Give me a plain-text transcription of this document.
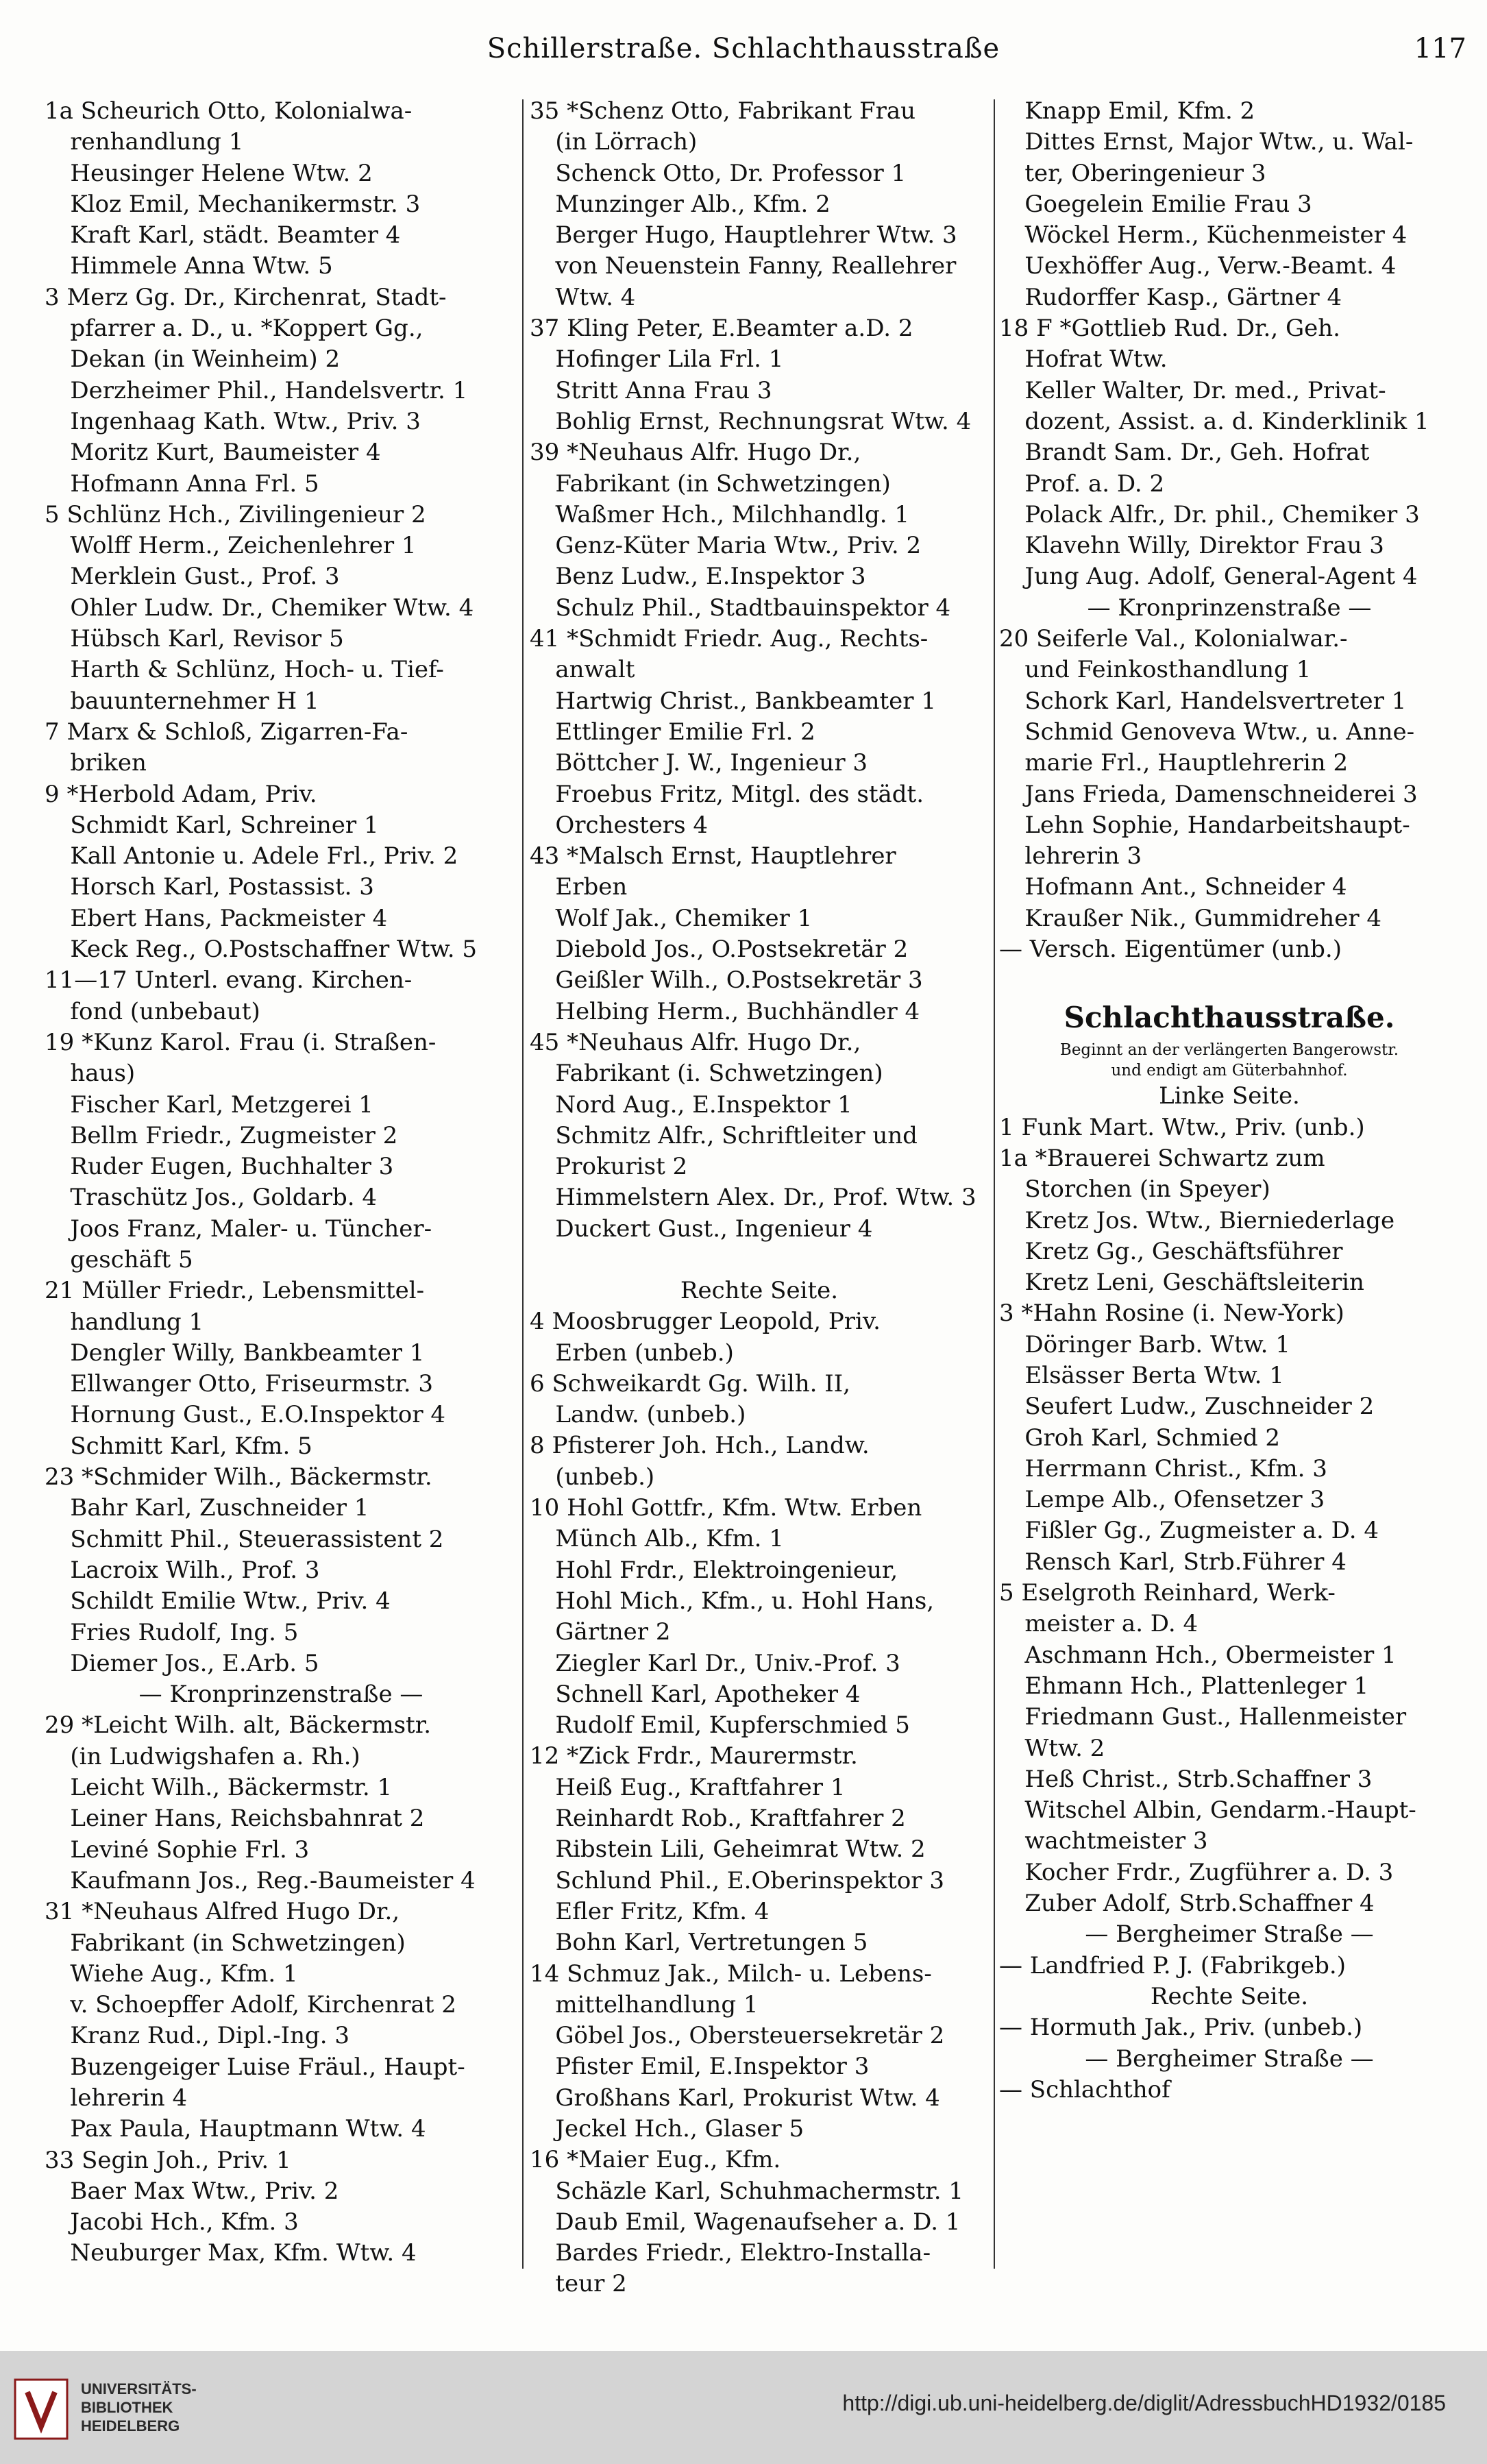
Schillerstraße. Schlachthausstraße	117
1a Scheurich Otto, Kolonialwa-
renhandlung 1
Heusinger Helene Wtw. 2
Kloz Emil, Mechanikermstr. 3
Kraft Karl, städt. Beamter 4
Himmele Anna Wtw. 5
3 Merz Gg. Dr., Kirchenrat, Stadt-
pfarrer a. D., u. *Koppert Gg.,
Dekan (in Weinheim) 2
Derzheimer Phil., Handelsvertr. 1
Ingenhaag Kath. Wtw., Priv. 3
Moritz Kurt, Baumeister 4
Hofmann Anna Frl. 5
5 Schlünz Hch., Zivilingenieur 2
Wolff Herm., Zeichenlehrer 1
Merklein Gust., Prof. 3
Ohler Ludw. Dr., Chemiker Wtw. 4
Hübsch Karl, Revisor 5
Harth & Schlünz, Hoch- u. Tief-
bauunternehmer H 1
7 Marx & Schloß, Zigarren-Fa-
briken
9 *Herbold Adam, Priv.
Schmidt Karl, Schreiner 1
Kall Antonie u. Adele Frl., Priv. 2
Horsch Karl, Postassist. 3
Ebert Hans, Packmeister 4
Keck Reg., O.Postschaffner Wtw. 5
11—17 Unterl. evang. Kirchen-
fond (unbebaut)
19 *Kunz Karol. Frau (i. Straßen-
haus)
Fischer Karl, Metzgerei 1
Bellm Friedr., Zugmeister 2
Ruder Eugen, Buchhalter 3
Traschütz Jos., Goldarb. 4
Joos Franz, Maler- u. Tüncher-
geschäft 5
21 Müller Friedr., Lebensmittel-
handlung 1
Dengler Willy, Bankbeamter 1
Ellwanger Otto, Friseurmstr. 3
Hornung Gust., E.O.Inspektor 4
Schmitt Karl, Kfm. 5
23 *Schmider Wilh., Bäckermstr.
Bahr Karl, Zuschneider 1
Schmitt Phil., Steuerassistent 2
Lacroix Wilh., Prof. 3
Schildt Emilie Wtw., Priv. 4
Fries Rudolf, Ing. 5
Diemer Jos., E.Arb. 5
— Kronprinzenstraße —
29 *Leicht Wilh. alt, Bäckermstr.
(in Ludwigshafen a. Rh.)
Leicht Wilh., Bäckermstr. 1
Leiner Hans, Reichsbahnrat 2
Leviné Sophie Frl. 3
Kaufmann Jos., Reg.-Baumeister 4
31 *Neuhaus Alfred Hugo Dr.,
Fabrikant (in Schwetzingen)
Wiehe Aug., Kfm. 1
v. Schoepffer Adolf, Kirchenrat 2
Kranz Rud., Dipl.-Ing. 3
Buzengeiger Luise Fräul., Haupt-
lehrerin 4
Pax Paula, Hauptmann Wtw. 4
33 Segin Joh., Priv. 1
Baer Max Wtw., Priv. 2
Jacobi Hch., Kfm. 3
Neuburger Max, Kfm. Wtw. 4
35 *Schenz Otto, Fabrikant Frau
(in Lörrach)
Schenck Otto, Dr. Professor 1
Munzinger Alb., Kfm. 2
Berger Hugo, Hauptlehrer Wtw. 3
von Neuenstein Fanny, Reallehrer
Wtw. 4
37 Kling Peter, E.Beamter a.D. 2
Hofinger Lila Frl. 1
Stritt Anna Frau 3
Bohlig Ernst, Rechnungsrat Wtw. 4
39 *Neuhaus Alfr. Hugo Dr.,
Fabrikant (in Schwetzingen)
Waßmer Hch., Milchhandlg. 1
Genz-Küter Maria Wtw., Priv. 2
Benz Ludw., E.Inspektor 3
Schulz Phil., Stadtbauinspektor 4
41 *Schmidt Friedr. Aug., Rechts-
anwalt
Hartwig Christ., Bankbeamter 1
Ettlinger Emilie Frl. 2
Böttcher J. W., Ingenieur 3
Froebus Fritz, Mitgl. des städt.
Orchesters 4
43 *Malsch Ernst, Hauptlehrer
Erben
Wolf Jak., Chemiker 1
Diebold Jos., O.Postsekretär 2
Geißler Wilh., O.Postsekretär 3
Helbing Herm., Buchhändler 4
45 *Neuhaus Alfr. Hugo Dr.,
Fabrikant (i. Schwetzingen)
Nord Aug., E.Inspektor 1
Schmitz Alfr., Schriftleiter und
Prokurist 2
Himmelstern Alex. Dr., Prof. Wtw. 3
Duckert Gust., Ingenieur 4
Rechte Seite.
4 Moosbrugger Leopold, Priv.
Erben (unbeb.)
6 Schweikardt Gg. Wilh. II,
Landw. (unbeb.)
8 Pfisterer Joh. Hch., Landw.
(unbeb.)
10 Hohl Gottfr., Kfm. Wtw. Erben
Münch Alb., Kfm. 1
Hohl Frdr., Elektroingenieur,
Hohl Mich., Kfm., u. Hohl Hans,
Gärtner 2
Ziegler Karl Dr., Univ.-Prof. 3
Schnell Karl, Apotheker 4
Rudolf Emil, Kupferschmied 5
12 *Zick Frdr., Maurermstr.
Heiß Eug., Kraftfahrer 1
Reinhardt Rob., Kraftfahrer 2
Ribstein Lili, Geheimrat Wtw. 2
Schlund Phil., E.Oberinspektor 3
Efler Fritz, Kfm. 4
Bohn Karl, Vertretungen 5
14 Schmuz Jak., Milch- u. Lebens-
mittelhandlung 1
Göbel Jos., Obersteuersekretär 2
Pfister Emil, E.Inspektor 3
Großhans Karl, Prokurist Wtw. 4
Jeckel Hch., Glaser 5
16 *Maier Eug., Kfm.
Schäzle Karl, Schuhmachermstr. 1
Daub Emil, Wagenaufseher a. D. 1
Bardes Friedr., Elektro-Installa-
teur 2
Knapp Emil, Kfm. 2
Dittes Ernst, Major Wtw., u. Wal-
ter, Oberingenieur 3
Goegelein Emilie Frau 3
Wöckel Herm., Küchenmeister 4
Uexhöffer Aug., Verw.-Beamt. 4
Rudorffer Kasp., Gärtner 4
18 F *Gottlieb Rud. Dr., Geh.
Hofrat Wtw.
Keller Walter, Dr. med., Privat-
dozent, Assist. a. d. Kinderklinik 1
Brandt Sam. Dr., Geh. Hofrat
Prof. a. D. 2
Polack Alfr., Dr. phil., Chemiker 3
Klavehn Willy, Direktor Frau 3
Jung Aug. Adolf, General-Agent 4
— Kronprinzenstraße —
20 Seiferle Val., Kolonialwar.-
und Feinkosthandlung 1
Schork Karl, Handelsvertreter 1
Schmid Genoveva Wtw., u. Anne-
marie Frl., Hauptlehrerin 2
Jans Frieda, Damenschneiderei 3
Lehn Sophie, Handarbeitshaupt-
lehrerin 3
Hofmann Ant., Schneider 4
Kraußer Nik., Gummidreher 4
— Versch. Eigentümer (unb.)
Schlachthausstraße.
Beginnt an der verlängerten Bangerowstr.
und endigt am Güterbahnhof.
Linke Seite.
1 Funk Mart. Wtw., Priv. (unb.)
1a *Brauerei Schwartz zum
Storchen (in Speyer)
Kretz Jos. Wtw., Bierniederlage
Kretz Gg., Geschäftsführer
Kretz Leni, Geschäftsleiterin
3 *Hahn Rosine (i. New-York)
Döringer Barb. Wtw. 1
Elsässer Berta Wtw. 1
Seufert Ludw., Zuschneider 2
Groh Karl, Schmied 2
Herrmann Christ., Kfm. 3
Lempe Alb., Ofensetzer 3
Fißler Gg., Zugmeister a. D. 4
Rensch Karl, Strb.Führer 4
5 Eselgroth Reinhard, Werk-
meister a. D. 4
Aschmann Hch., Obermeister 1
Ehmann Hch., Plattenleger 1
Friedmann Gust., Hallenmeister
Wtw. 2
Heß Christ., Strb.Schaffner 3
Witschel Albin, Gendarm.-Haupt-
wachtmeister 3
Kocher Frdr., Zugführer a. D. 3
Zuber Adolf, Strb.Schaffner 4
— Bergheimer Straße —
— Landfried P. J. (Fabrikgeb.)
Rechte Seite.
— Hormuth Jak., Priv. (unbeb.)
— Bergheimer Straße —
— Schlachthof
UNIVERSITÄTS-
BIBLIOTHEK
HEIDELBERG
http://digi.ub.uni-heidelberg.de/diglit/AdressbuchHD1932/0185
